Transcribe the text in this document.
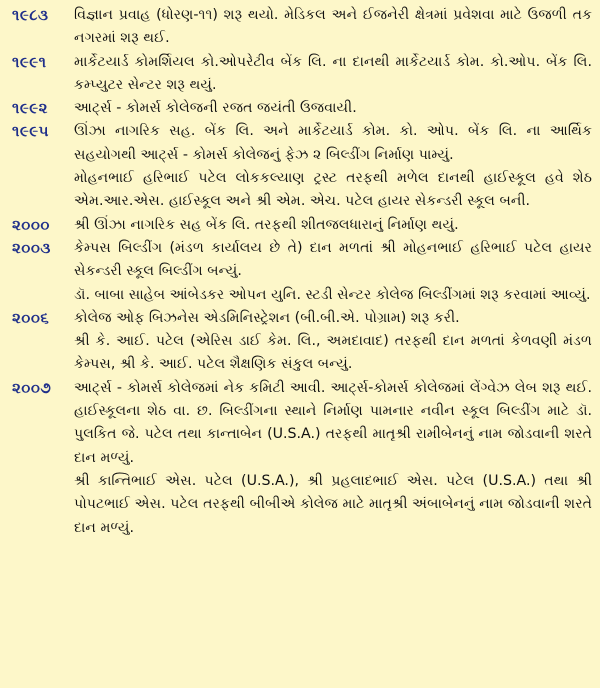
૧૯૮૩	વિજ્ઞાન પ્રવાહ (ધોરણ-૧૧) શરૂ થયો. મેડિકલ અને ઈજનેરી ક્ષેત્રમાં પ્રવેશવા માટે ઉજળી તક નગરમાં શરૂ થઈ.

૧૯૯૧	માર્કેટયાર્ડ કોમર્શિયલ કો.ઓપરેટીવ બેંક લિ. ના દાનથી માર્કેટયાર્ડ કોમ. કો.ઓપ. બેંક લિ. કમ્પ્યુટર સેન્ટર શરૂ થયું.

૧૯૯૨	આર્ટ્સ - કોમર્સ કોલેજની રજત જયંતી ઉજવાયી.

૧૯૯૫	ઊંઝા નાગરિક સહ. બેંક લિ. અને માર્કેટયાર્ડ કોમ. કો. ઓપ. બેંક લિ. ના આર્થિક સહયોગથી આર્ટ્સ - કોમર્સ કોલેજનું ફેઝ ૨ બિલ્ડીંગ નિર્માણ પામ્યું.

મોહનભાઈ હરિભાઈ પટેલ લોકકલ્યાણ ટ્રસ્ટ તરફથી મળેલ દાનથી હાઈસ્કૂલ હવે શેઠ એમ.આર.એસ. હાઈસ્કૂલ અને શ્રી એમ. એચ. પટેલ હાયર સેકન્ડરી સ્કૂલ બની.

૨૦૦૦	શ્રી ઊંઝા નાગરિક સહ બેંક લિ. તરફથી શીતજલધારાનું નિર્માણ થયું.

૨૦૦૩	કેમ્પસ બિલ્ડીંગ (મંડળ કાર્યાલય છે તે) દાન મળતાં શ્રી મોહનભાઈ હરિભાઈ પટેલ હાયર સેકન્ડરી સ્કૂલ બિલ્ડીંગ બન્યું.

ડૉ. બાબા સાહેબ આંબેડકર ઓપન યુનિ. સ્ટડી સેન્ટર કોલેજ બિલ્ડીંગમાં શરૂ કરવામાં આવ્યું.

૨૦૦૬	કોલેજ ઓફ બિઝનેસ એડમિનિસ્ટ્રેશન (બી.બી.એ. પોગ્રામ) શરૂ કરી.

શ્રી કે. આઈ. પટેલ (એરિસ ડાઈ કેમ. લિ., અમદાવાદ) તરફથી દાન મળતાં કેળવણી મંડળ કેમ્પસ, શ્રી કે. આઈ. પટેલ શૈક્ષણિક સંકુલ બન્યું.

૨૦૦૭	આર્ટ્સ - કોમર્સ કોલેજમાં નેક કમિટી આવી. આર્ટ્સ-કોમર્સ કોલેજમાં લેંગ્વેઝ લેબ શરૂ થઈ. હાઈસ્કૂલના શેઠ વા. છ. બિલ્ડીંગના સ્થાને નિર્માણ પામનાર નવીન સ્કૂલ બિલ્ડીંગ માટે ડૉ. પુલકિત જે. પટેલ તથા કાન્તાબેન (U.S.A.) તરફથી માતૃશ્રી રામીબેનનું નામ જોડવાની શરતે દાન મળ્યું.

શ્રી કાન્તિભાઈ એસ. પટેલ (U.S.A.), શ્રી પ્રહલાદભાઈ એસ. પટેલ (U.S.A.) તથા શ્રી પોપટભાઈ એસ. પટેલ તરફથી બીબીએ કોલેજ માટે માતૃશ્રી અંબાબેનનું નામ જોડવાની શરતે દાન મળ્યું.
